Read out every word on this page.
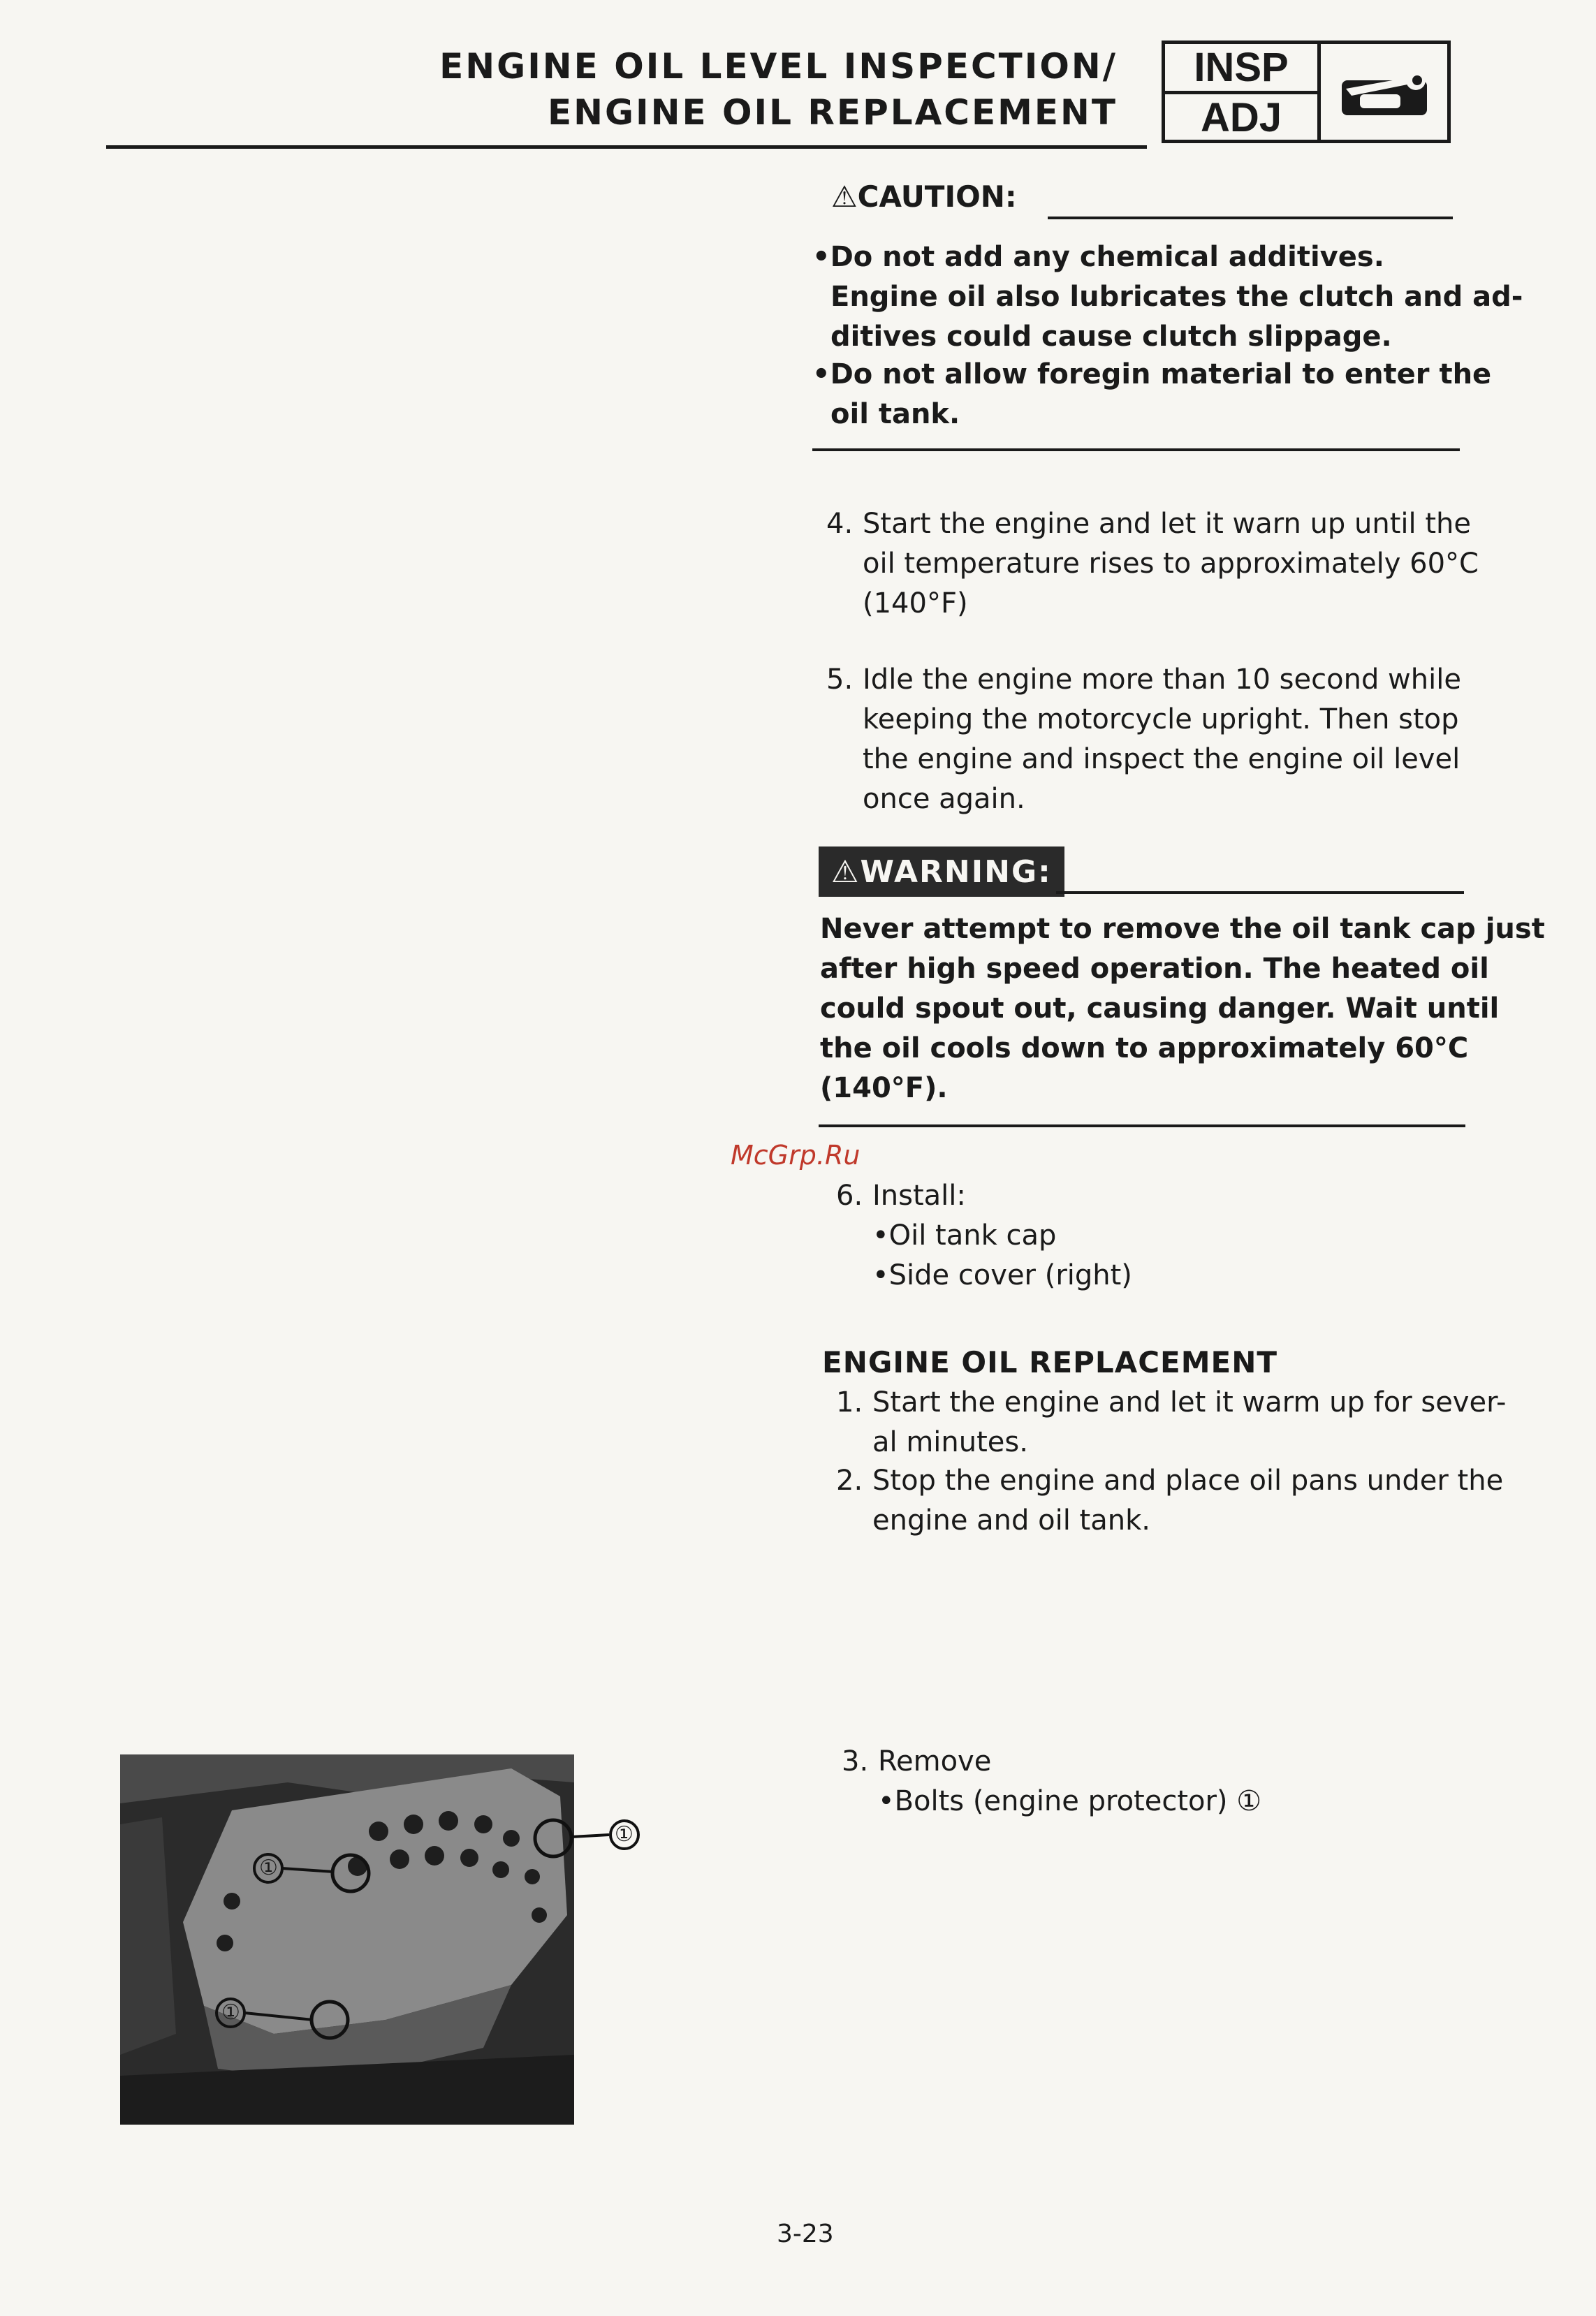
ENGINE OIL LEVEL INSPECTION/
ENGINE OIL REPLACEMENT
INSP
ADJ
⚠CAUTION:
•Do not add any chemical additives.
Engine oil also lubricates the clutch and ad-
ditives could cause clutch slippage.
•Do not allow foregin material to enter the
oil tank.
4. Start the engine and let it warn up until the
oil temperature rises to approximately 60°C
(140°F)
5. Idle the engine more than 10 second while
keeping the motorcycle upright. Then stop
the engine and inspect the engine oil level
once again.
⚠WARNING:
Never attempt to remove the oil tank cap just
after high speed operation. The heated oil
could spout out, causing danger. Wait until
the oil cools down to approximately 60°C
(140°F).
McGrp.Ru
6. Install:
•Oil tank cap
•Side cover (right)
ENGINE OIL REPLACEMENT
1. Start the engine and let it warm up for sever-
al minutes.
2. Stop the engine and place oil pans under the
engine and oil tank.
3. Remove
•Bolts (engine protector) ①
①
①
①
3-23
